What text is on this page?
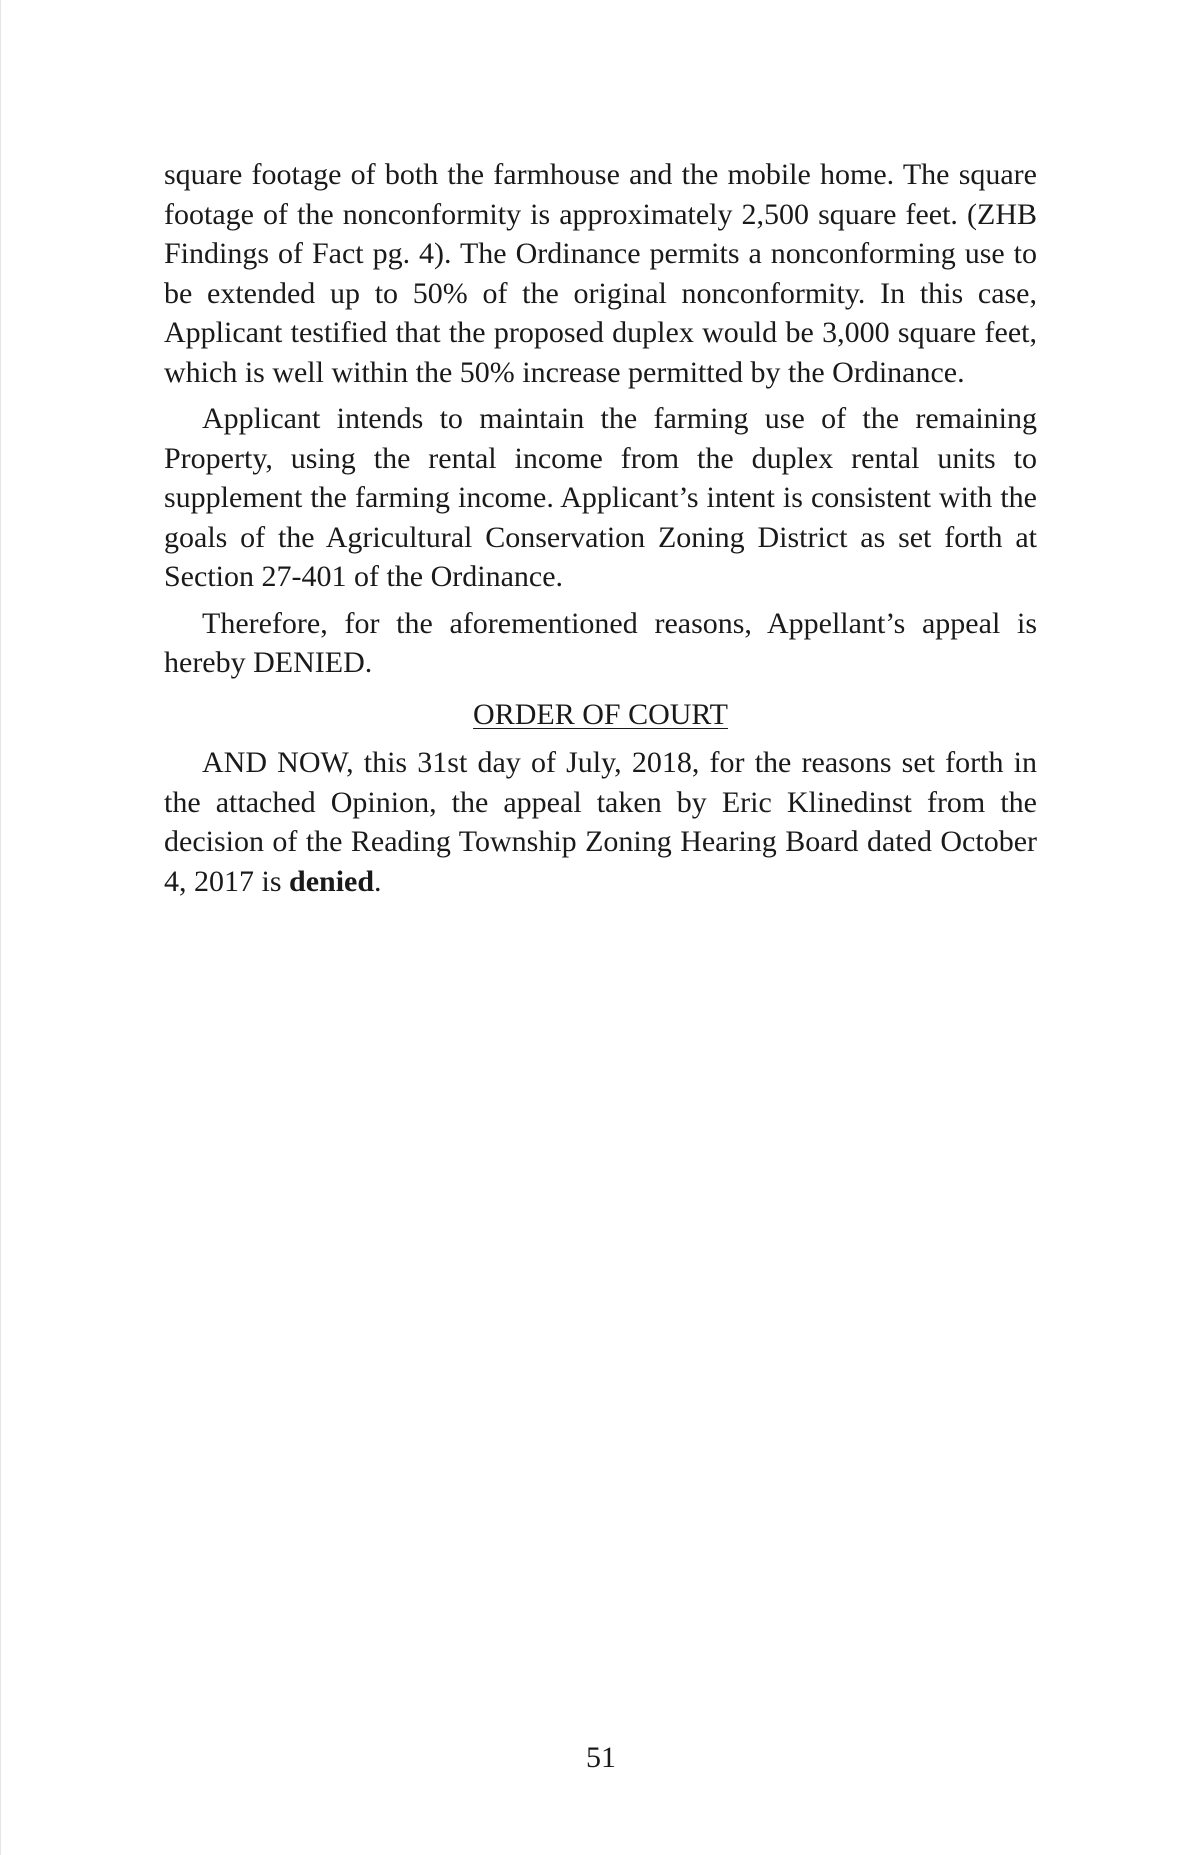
square footage of both the farmhouse and the mobile home. The square footage of the nonconformity is approximately 2,500 square feet. (ZHB Findings of Fact pg. 4). The Ordinance permits a nonconforming use to be extended up to 50% of the original nonconformity. In this case, Applicant testified that the proposed duplex would be 3,000 square feet, which is well within the 50% increase permitted by the Ordinance.

Applicant intends to maintain the farming use of the remaining Property, using the rental income from the duplex rental units to supplement the farming income. Applicant’s intent is consistent with the goals of the Agricultural Conservation Zoning District as set forth at Section 27-401 of the Ordinance.

Therefore, for the aforementioned reasons, Appellant’s appeal is hereby DENIED.

ORDER OF COURT

AND NOW, this 31st day of July, 2018, for the reasons set forth in the attached Opinion, the appeal taken by Eric Klinedinst from the decision of the Reading Township Zoning Hearing Board dated October 4, 2017 is denied.

51
